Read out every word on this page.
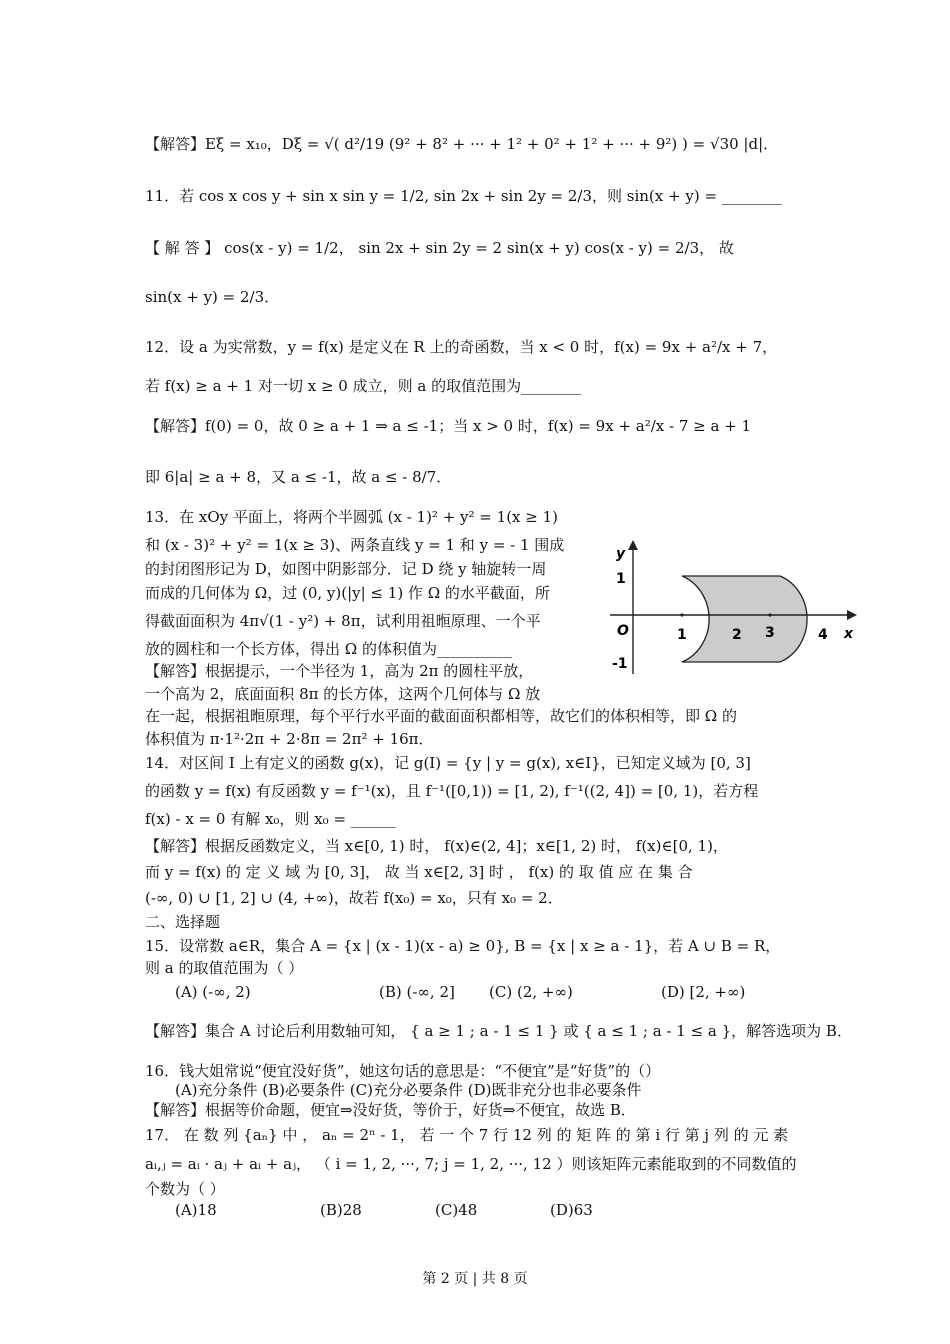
【解答】Eξ = x₁₀，Dξ = √( d²/19 (9² + 8² + ··· + 1² + 0² + 1² + ··· + 9²) ) = √30 |d|．
11．若 cos x cos y + sin x sin y = 1/2, sin 2x + sin 2y = 2/3，则 sin(x + y) = ________
【 解 答 】 cos(x - y) = 1/2， sin 2x + sin 2y = 2 sin(x + y) cos(x - y) = 2/3， 故
sin(x + y) = 2/3．
12．设 a 为实常数，y = f(x) 是定义在 R 上的奇函数，当 x < 0 时，f(x) = 9x + a²/x + 7，
若 f(x) ≥ a + 1 对一切 x ≥ 0 成立，则 a 的取值范围为________
【解答】f(0) = 0，故 0 ≥ a + 1 ⇒ a ≤ -1；当 x > 0 时，f(x) = 9x + a²/x - 7 ≥ a + 1
即 6|a| ≥ a + 8，又 a ≤ -1，故 a ≤ - 8/7．
13．在 xOy 平面上，将两个半圆弧 (x - 1)² + y² = 1(x ≥ 1)
和 (x - 3)² + y² = 1(x ≥ 3)、两条直线 y = 1 和 y = - 1 围成
的封闭图形记为 D，如图中阴影部分．记 D 绕 y 轴旋转一周
而成的几何体为 Ω，过 (0, y)(|y| ≤ 1) 作 Ω 的水平截面，所
得截面面积为 4π√(1 - y²) + 8π，试利用祖暅原理、一个平
放的圆柱和一个长方体，得出 Ω 的体积值为__________
【解答】根据提示，一个半径为 1，高为 2π 的圆柱平放，
一个高为 2，底面面积 8π 的长方体，这两个几何体与 Ω 放
在一起，根据祖暅原理，每个平行水平面的截面面积都相等，故它们的体积相等，即 Ω 的
体积值为 π·1²·2π + 2·8π = 2π² + 16π．
y
x
O	1	2 3	4
1
-1
14．对区间 I 上有定义的函数 g(x)，记 g(I) = {y | y = g(x), x∈I}，已知定义域为 [0, 3]
的函数 y = f(x) 有反函数 y = f⁻¹(x)，且 f⁻¹([0,1)) = [1, 2), f⁻¹((2, 4]) = [0, 1)，若方程
f(x) - x = 0 有解 x₀，则 x₀ = ______
【解答】根据反函数定义，当 x∈[0, 1) 时， f(x)∈(2, 4]；x∈[1, 2) 时， f(x)∈[0, 1)，
而 y = f(x) 的 定 义 域 为 [0, 3]， 故 当 x∈[2, 3] 时 ， f(x) 的 取 值 应 在 集 合
(-∞, 0) ∪ [1, 2] ∪ (4, +∞)，故若 f(x₀) = x₀，只有 x₀ = 2．
二、选择题
15．设常数 a∈R，集合 A = {x | (x - 1)(x - a) ≥ 0}, B = {x | x ≥ a - 1}，若 A ∪ B = R，
则 a 的取值范围为（ ）
(A) (-∞, 2)	(B) (-∞, 2] (C) (2, +∞)	(D) [2, +∞)
【解答】集合 A 讨论后利用数轴可知， { a ≥ 1 ; a - 1 ≤ 1 } 或 { a ≤ 1 ; a - 1 ≤ a }，解答选项为 B．
16．钱大姐常说“便宜没好货”，她这句话的意思是：“不便宜”是“好货”的（）
(A)充分条件 (B)必要条件 (C)充分必要条件 (D)既非充分也非必要条件
【解答】根据等价命题，便宜⇒没好货，等价于，好货⇒不便宜，故选 B．
17． 在 数 列 {aₙ} 中 ， aₙ = 2ⁿ - 1， 若 一 个 7 行 12 列 的 矩 阵 的 第 i 行 第 j 列 的 元 素
aᵢ,ⱼ = aᵢ · aⱼ + aᵢ + aⱼ， （ i = 1, 2, ···, 7; j = 1, 2, ···, 12 ）则该矩阵元素能取到的不同数值的
个数为（ ）
(A)18	(B)28	(C)48	(D)63
第 2 页 | 共 8 页
